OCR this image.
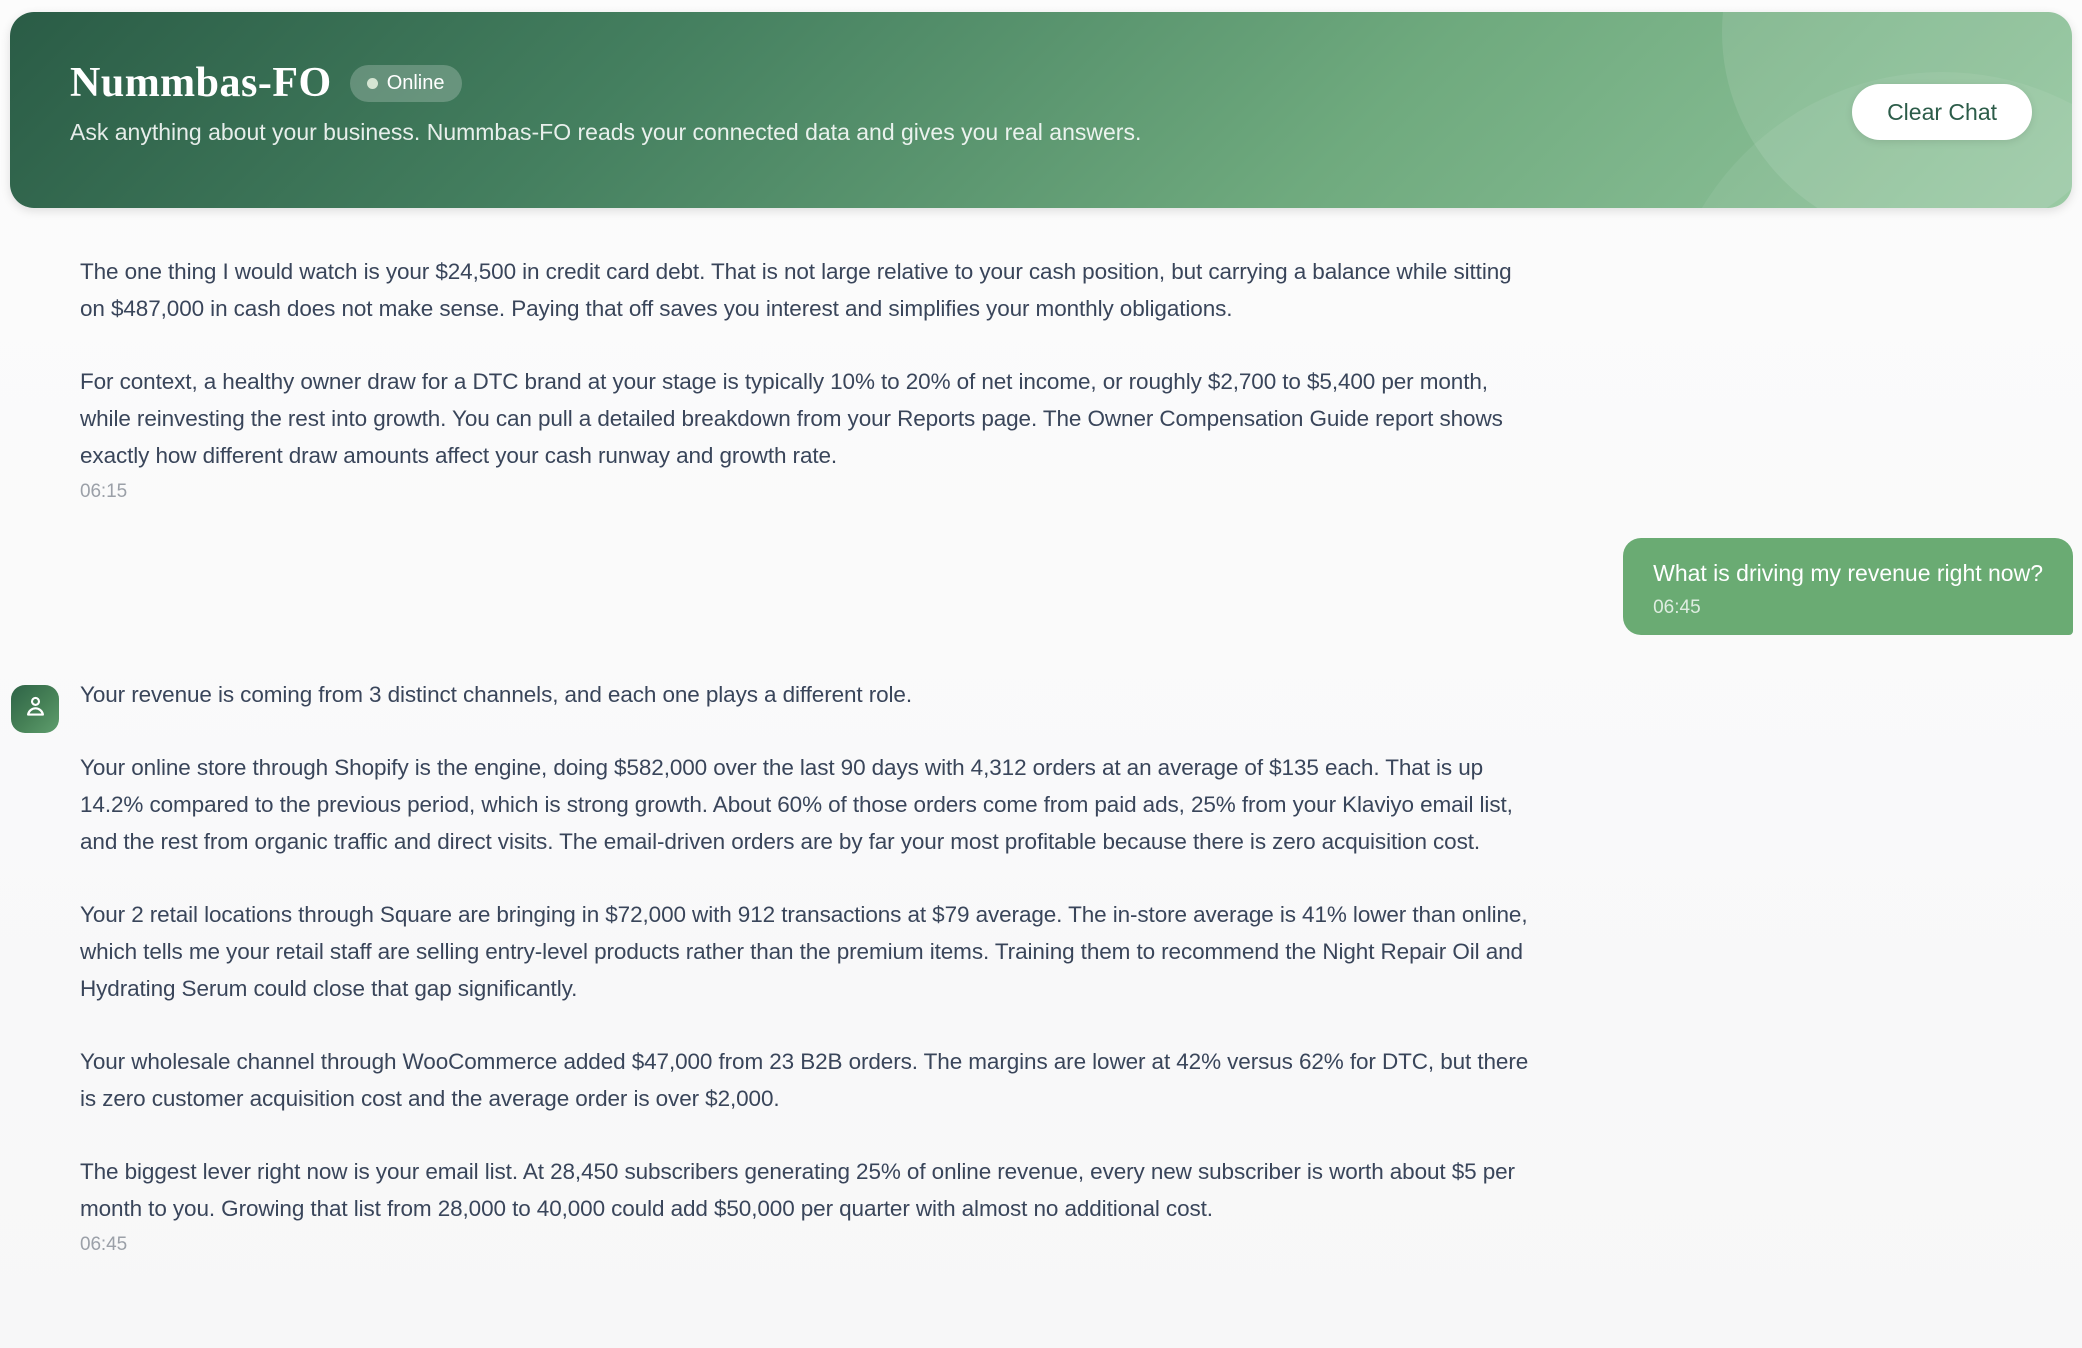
Nummbas-FO	Online
Ask anything about your business. Nummbas-FO reads your connected data and gives you real answers.
Clear Chat

The one thing I would watch is your $24,500 in credit card debt. That is not large relative to your cash position, but carrying a balance while sitting on $487,000 in cash does not make sense. Paying that off saves you interest and simplifies your monthly obligations.

For context, a healthy owner draw for a DTC brand at your stage is typically 10% to 20% of net income, or roughly $2,700 to $5,400 per month, while reinvesting the rest into growth. You can pull a detailed breakdown from your Reports page. The Owner Compensation Guide report shows exactly how different draw amounts affect your cash runway and growth rate.

06:15
What is driving my revenue right now?
06:45

Your revenue is coming from 3 distinct channels, and each one plays a different role.

Your online store through Shopify is the engine, doing $582,000 over the last 90 days with 4,312 orders at an average of $135 each. That is up 14.2% compared to the previous period, which is strong growth. About 60% of those orders come from paid ads, 25% from your Klaviyo email list, and the rest from organic traffic and direct visits. The email-driven orders are by far your most profitable because there is zero acquisition cost.

Your 2 retail locations through Square are bringing in $72,000 with 912 transactions at $79 average. The in-store average is 41% lower than online, which tells me your retail staff are selling entry-level products rather than the premium items. Training them to recommend the Night Repair Oil and Hydrating Serum could close that gap significantly.

Your wholesale channel through WooCommerce added $47,000 from 23 B2B orders. The margins are lower at 42% versus 62% for DTC, but there is zero customer acquisition cost and the average order is over $2,000.

The biggest lever right now is your email list. At 28,450 subscribers generating 25% of online revenue, every new subscriber is worth about $5 per month to you. Growing that list from 28,000 to 40,000 could add $50,000 per quarter with almost no additional cost.

06:45
